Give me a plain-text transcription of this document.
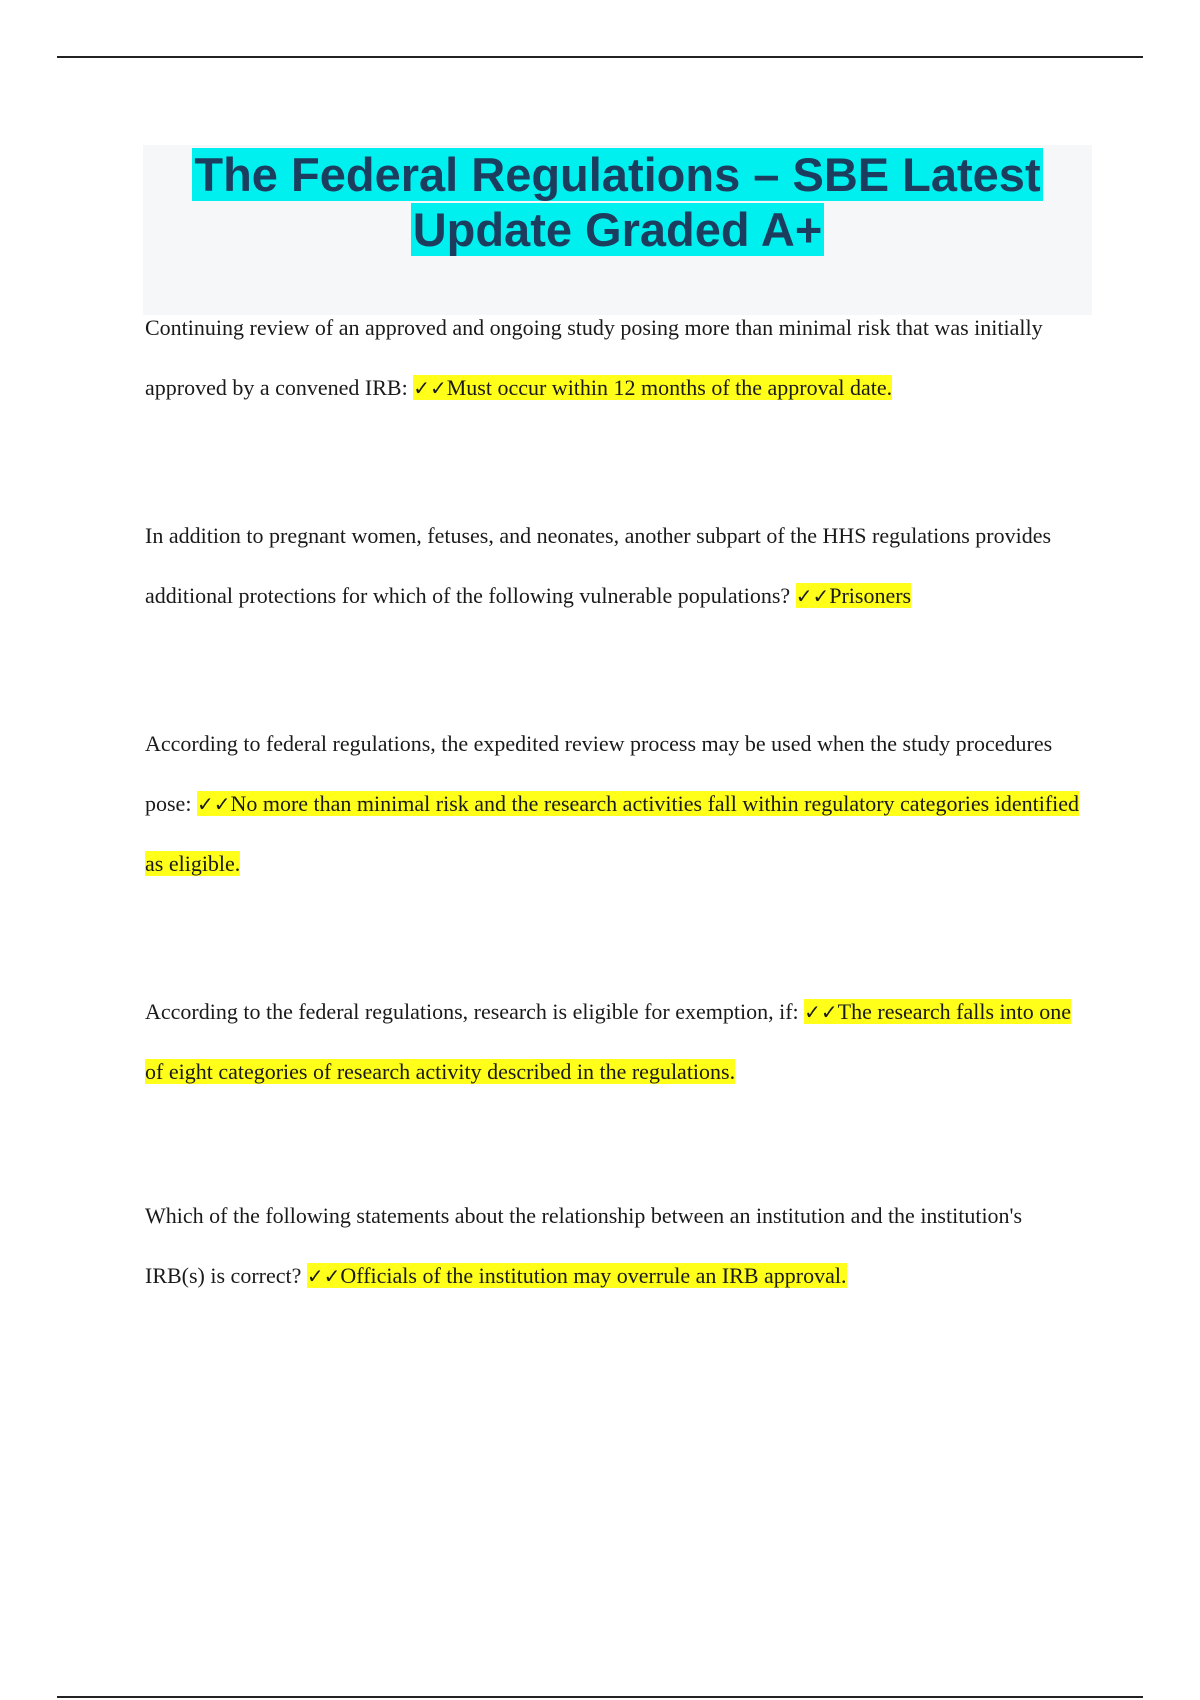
The Federal Regulations – SBE Latest
Update Graded A+

Continuing review of an approved and ongoing study posing more than minimal risk that was initially approved by a convened IRB: ✓✓Must occur within 12 months of the approval date.

In addition to pregnant women, fetuses, and neonates, another subpart of the HHS regulations provides additional protections for which of the following vulnerable populations? ✓✓Prisoners

According to federal regulations, the expedited review process may be used when the study procedures pose: ✓✓No more than minimal risk and the research activities fall within regulatory categories identified as eligible.

According to the federal regulations, research is eligible for exemption, if: ✓✓The research falls into one of eight categories of research activity described in the regulations.

Which of the following statements about the relationship between an institution and the institution's IRB(s) is correct? ✓✓Officials of the institution may overrule an IRB approval.
